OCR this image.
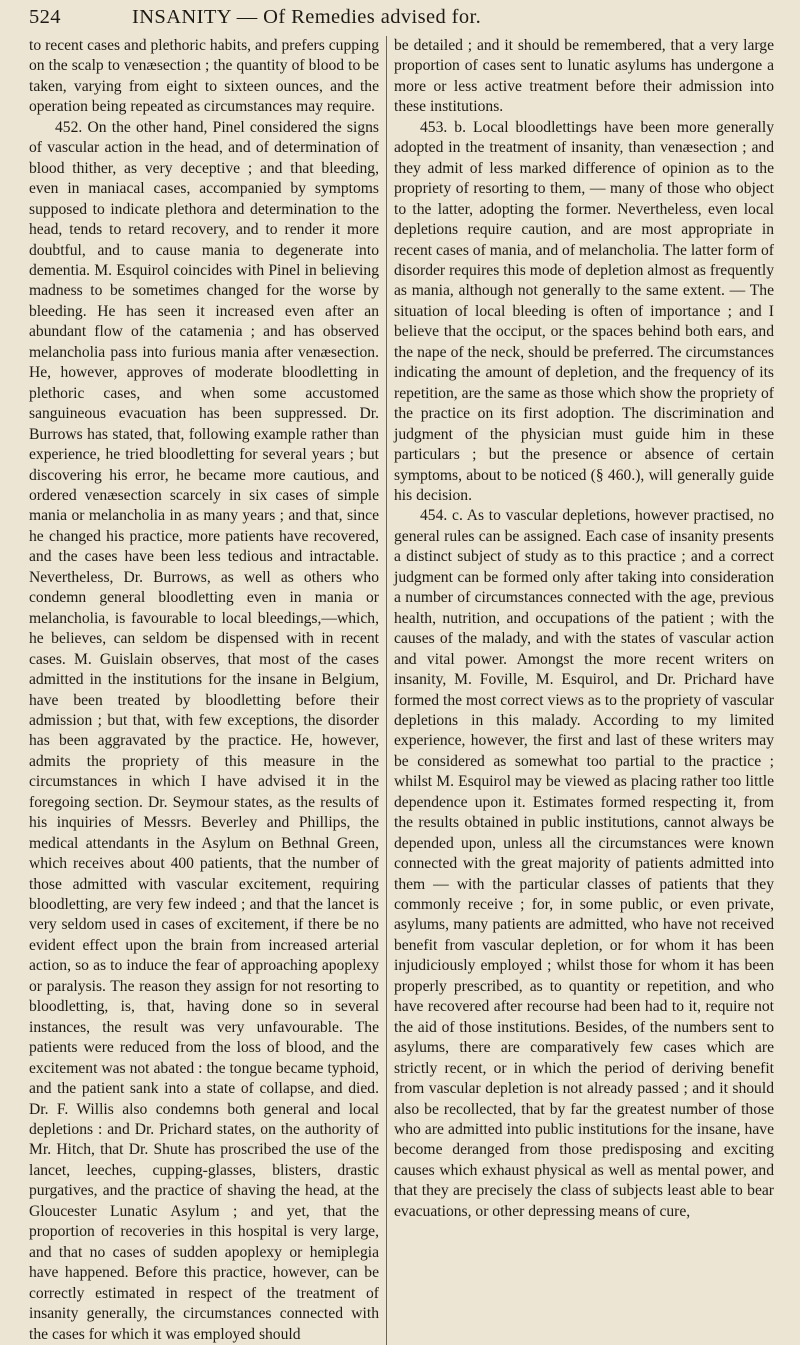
524	INSANITY — Of Remedies advised for.

to recent cases and plethoric habits, and prefers cupping on the scalp to venæsection ; the quantity of blood to be taken, varying from eight to sixteen ounces, and the operation being repeated as circumstances may require.

452. On the other hand, Pinel considered the signs of vascular action in the head, and of determination of blood thither, as very deceptive ; and that bleeding, even in maniacal cases, accompanied by symptoms supposed to indicate plethora and determination to the head, tends to retard recovery, and to render it more doubtful, and to cause mania to degenerate into dementia. M. Esquirol coincides with Pinel in believing madness to be sometimes changed for the worse by bleeding. He has seen it increased even after an abundant flow of the catamenia ; and has observed melancholia pass into furious mania after venæsection. He, however, approves of moderate bloodletting in plethoric cases, and when some accustomed sanguineous evacuation has been suppressed. Dr. Burrows has stated, that, following example rather than experience, he tried bloodletting for several years ; but discovering his error, he became more cautious, and ordered venæsection scarcely in six cases of simple mania or melancholia in as many years ; and that, since he changed his practice, more patients have recovered, and the cases have been less tedious and intractable. Nevertheless, Dr. Burrows, as well as others who condemn general bloodletting even in mania or melancholia, is favourable to local bleedings,—which, he believes, can seldom be dispensed with in recent cases. M. Guislain observes, that most of the cases admitted in the institutions for the insane in Belgium, have been treated by bloodletting before their admission ; but that, with few exceptions, the disorder has been aggravated by the practice. He, however, admits the propriety of this measure in the circumstances in which I have advised it in the foregoing section. Dr. Seymour states, as the results of his inquiries of Messrs. Beverley and Phillips, the medical attendants in the Asylum on Bethnal Green, which receives about 400 patients, that the number of those admitted with vascular excitement, requiring bloodletting, are very few indeed ; and that the lancet is very seldom used in cases of excitement, if there be no evident effect upon the brain from increased arterial action, so as to induce the fear of approaching apoplexy or paralysis. The reason they assign for not resorting to bloodletting, is, that, having done so in several instances, the result was very unfavourable. The patients were reduced from the loss of blood, and the excitement was not abated : the tongue became typhoid, and the patient sank into a state of collapse, and died. Dr. F. Willis also condemns both general and local depletions : and Dr. Prichard states, on the authority of Mr. Hitch, that Dr. Shute has proscribed the use of the lancet, leeches, cupping-glasses, blisters, drastic purgatives, and the practice of shaving the head, at the Gloucester Lunatic Asylum ; and yet, that the proportion of recoveries in this hospital is very large, and that no cases of sudden apoplexy or hemiplegia have happened. Before this practice, however, can be correctly estimated in respect of the treatment of insanity generally, the circumstances connected with the cases for which it was employed should

be detailed ; and it should be remembered, that a very large proportion of cases sent to lunatic asylums has undergone a more or less active treatment before their admission into these institutions.

453. b. Local bloodlettings have been more generally adopted in the treatment of insanity, than venæsection ; and they admit of less marked difference of opinion as to the propriety of resorting to them, — many of those who object to the latter, adopting the former. Nevertheless, even local depletions require caution, and are most appropriate in recent cases of mania, and of melancholia. The latter form of disorder requires this mode of depletion almost as frequently as mania, although not generally to the same extent. — The situation of local bleeding is often of importance ; and I believe that the occiput, or the spaces behind both ears, and the nape of the neck, should be preferred. The circumstances indicating the amount of depletion, and the frequency of its repetition, are the same as those which show the propriety of the practice on its first adoption. The discrimination and judgment of the physician must guide him in these particulars ; but the presence or absence of certain symptoms, about to be noticed (§ 460.), will generally guide his decision.

454. c. As to vascular depletions, however practised, no general rules can be assigned. Each case of insanity presents a distinct subject of study as to this practice ; and a correct judgment can be formed only after taking into consideration a number of circumstances connected with the age, previous health, nutrition, and occupations of the patient ; with the causes of the malady, and with the states of vascular action and vital power. Amongst the more recent writers on insanity, M. Foville, M. Esquirol, and Dr. Prichard have formed the most correct views as to the propriety of vascular depletions in this malady. According to my limited experience, however, the first and last of these writers may be considered as somewhat too partial to the practice ; whilst M. Esquirol may be viewed as placing rather too little dependence upon it. Estimates formed respecting it, from the results obtained in public institutions, cannot always be depended upon, unless all the circumstances were known connected with the great majority of patients admitted into them — with the particular classes of patients that they commonly receive ; for, in some public, or even private, asylums, many patients are admitted, who have not received benefit from vascular depletion, or for whom it has been injudiciously employed ; whilst those for whom it has been properly prescribed, as to quantity or repetition, and who have recovered after recourse had been had to it, require not the aid of those institutions. Besides, of the numbers sent to asylums, there are comparatively few cases which are strictly recent, or in which the period of deriving benefit from vascular depletion is not already passed ; and it should also be recollected, that by far the greatest number of those who are admitted into public institutions for the insane, have become deranged from those predisposing and exciting causes which exhaust physical as well as mental power, and that they are precisely the class of subjects least able to bear evacuations, or other depressing means of cure,
